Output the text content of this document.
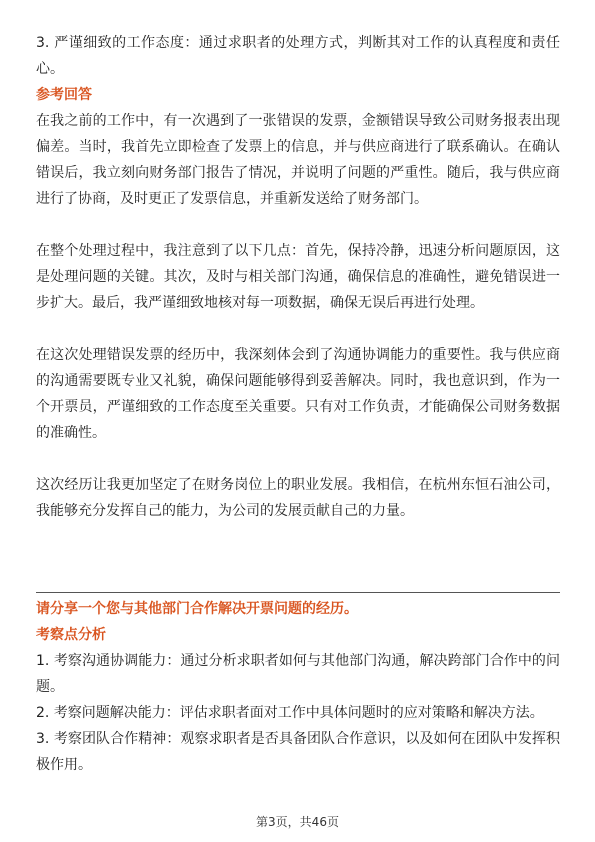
3. 严谨细致的工作态度：通过求职者的处理方式，判断其对工作的认真程度和责任心。

参考回答

在我之前的工作中，有一次遇到了一张错误的发票，金额错误导致公司财务报表出现偏差。当时，我首先立即检查了发票上的信息，并与供应商进行了联系确认。在确认错误后，我立刻向财务部门报告了情况，并说明了问题的严重性。随后，我与供应商进行了协商，及时更正了发票信息，并重新发送给了财务部门。

在整个处理过程中，我注意到了以下几点：首先，保持冷静，迅速分析问题原因，这是处理问题的关键。其次，及时与相关部门沟通，确保信息的准确性，避免错误进一步扩大。最后，我严谨细致地核对每一项数据，确保无误后再进行处理。

在这次处理错误发票的经历中，我深刻体会到了沟通协调能力的重要性。我与供应商的沟通需要既专业又礼貌，确保问题能够得到妥善解决。同时，我也意识到，作为一个开票员，严谨细致的工作态度至关重要。只有对工作负责，才能确保公司财务数据的准确性。

这次经历让我更加坚定了在财务岗位上的职业发展。我相信，在杭州东恒石油公司，我能够充分发挥自己的能力，为公司的发展贡献自己的力量。

请分享一个您与其他部门合作解决开票问题的经历。

考察点分析

1. 考察沟通协调能力：通过分析求职者如何与其他部门沟通，解决跨部门合作中的问题。

2. 考察问题解决能力：评估求职者面对工作中具体问题时的应对策略和解决方法。

3. 考察团队合作精神：观察求职者是否具备团队合作意识，以及如何在团队中发挥积极作用。

第3页，共46页
